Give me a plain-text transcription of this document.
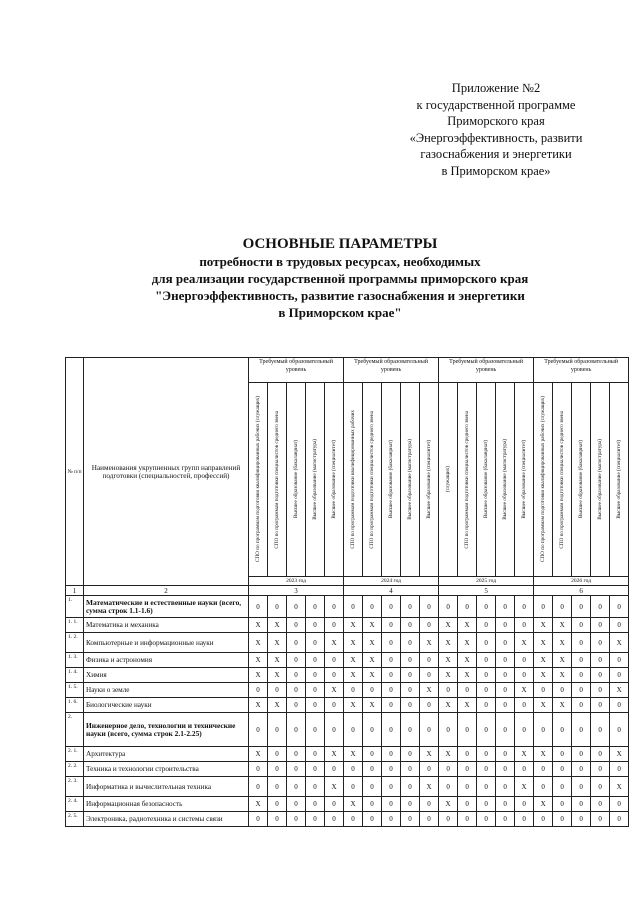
Приложение №2
к государственной программе
Приморского края
«Энергоэффективность, развити
газоснабжения и энергетики
в Приморском крае»
ОСНОВНЫЕ ПАРАМЕТРЫ
потребности в трудовых ресурсах, необходимых
для реализации государственной программы приморского края
"Энергоэффективность, развитие газоснабжения и энергетики
в Приморском крае"
№ п/п	Наименования укрупненных групп направлений подготовки (специальностей, профессий)	Требуемый образовательный уровень					Требуемый образовательный уровень					Требуемый образовательный уровень					Требуемый образовательный уровень				

		СПО по программам подготовки квалифицированных рабочих (служащих)	СПО по программам подготовки специалистов среднего звена	Высшее образование (бакалавриат)	Высшее образование (магистратура)	Высшее образование (специалитет)	СПО по программам подготовки квалифицированных рабочих	СПО по программам подготовки специалистов среднего звена	Высшее образование (бакалавриат)	Высшее образование (магистратура)	Высшее образование (специалитет)	(служащих)	СПО по программам подготовки специалистов среднего звена	Высшее образование (бакалавриат)	Высшее образование (магистратура)	Высшее образование (специалитет)	СПО по программам подготовки квалифицированных рабочих (служащих)	СПО по программам подготовки специалистов среднего звена	Высшее образование (бакалавриат)	Высшее образование (магистратура)	Высшее образование (специалитет)

		2023 год					2024 год					2025 год					2026 год				
1	2	3					4					5					6				
1.	Математические и естественные науки (всего, сумма строк 1.1-1.6)	0	0	0	0	0	0	0	0	0	0	0	0	0	0	0	0	0	0	0	0
1. 1.	Математика и механика	X	X	0	0	0	X	X	0	0	0	X	X	0	0	0	X	X	0	0	0
1. 2.	Компьютерные и информационные науки	X	X	0	0	X	X	X	0	0	X	X	X	0	0	X	X	X	0	0	X
1. 3.	Физика и астрономия	X	X	0	0	0	X	X	0	0	0	X	X	0	0	0	X	X	0	0	0
1. 4.	Химия	X	X	0	0	0	X	X	0	0	0	X	X	0	0	0	X	X	0	0	0
1. 5.	Науки о земле	0	0	0	0	X	0	0	0	0	X	0	0	0	0	X	0	0	0	0	X
1. 6.	Биологические науки	X	X	0	0	0	X	X	0	0	0	X	X	0	0	0	X	X	0	0	0
2.	Инженерное дело, технологии и технические науки (всего, сумма строк 2.1-2.25)	0	0	0	0	0	0	0	0	0	0	0	0	0	0	0	0	0	0	0	0
2. 1.	Архитектура	X	0	0	0	X	X	0	0	0	X	X	0	0	0	X	X	0	0	0	X
2. 2.	Техника и технологии строительства	0	0	0	0	0	0	0	0	0	0	0	0	0	0	0	0	0	0	0	0
2. 3.	Информатика и вычислительная техника	0	0	0	0	X	0	0	0	0	X	0	0	0	0	X	0	0	0	0	X
2. 4.	Информационная безопасность	X	0	0	0	0	X	0	0	0	0	X	0	0	0	0	X	0	0	0	0
2. 5.	Электроника, радиотехника и системы связи	0	0	0	0	0	0	0	0	0	0	0	0	0	0	0	0	0	0	0	0
